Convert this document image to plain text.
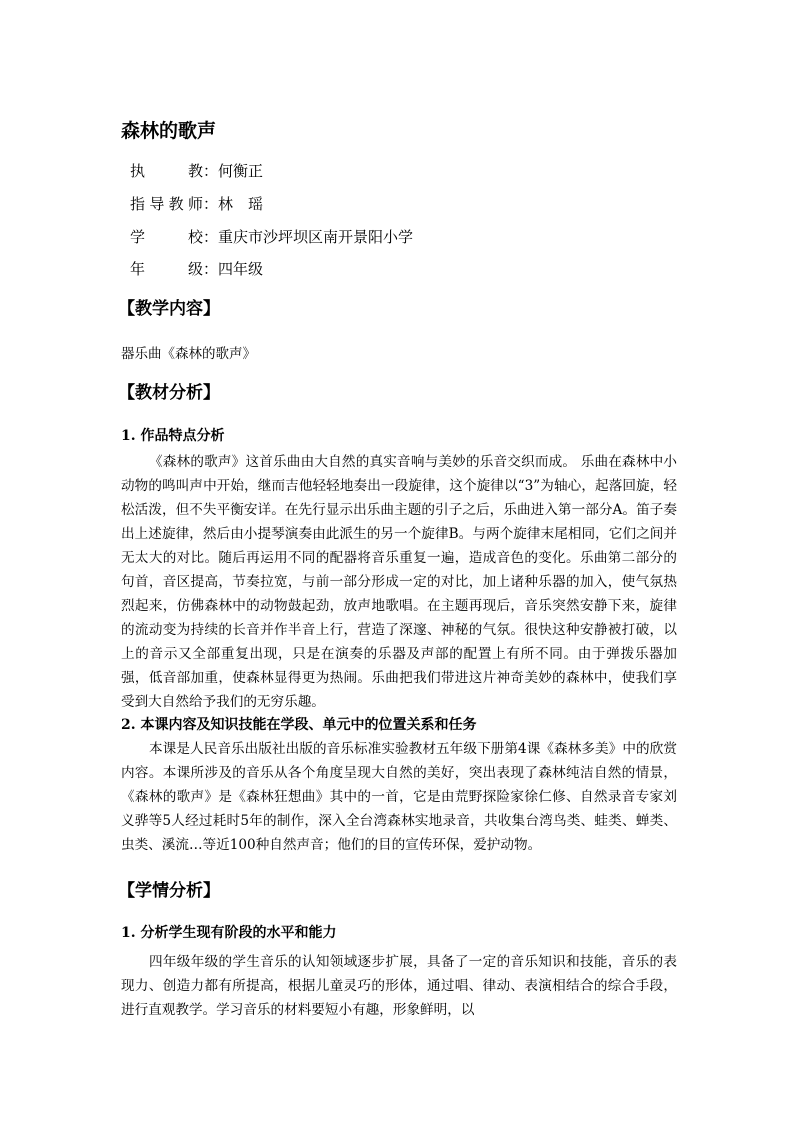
森林的歌声
执　教：何衡正
指导教师：林　瑶
学　校：重庆市沙坪坝区南开景阳小学
年　级：四年级
【教学内容】
器乐曲《森林的歌声》
【教材分析】
1. 作品特点分析

《森林的歌声》这首乐曲由大自然的真实音响与美妙的乐音交织而成。 乐曲在森林中小动物的鸣叫声中开始，继而吉他轻轻地奏出一段旋律，这个旋律以“3”为轴心，起落回旋，轻松活泼，但不失平衡安详。在先行显示出乐曲主题的引子之后，乐曲进入第一部分A。笛子奏出上述旋律，然后由小提琴演奏由此派生的另一个旋律B。与两个旋律末尾相同，它们之间并无太大的对比。随后再运用不同的配器将音乐重复一遍，造成音色的变化。乐曲第二部分的句首，音区提高，节奏拉宽，与前一部分形成一定的对比，加上诸种乐器的加入，使气氛热烈起来，仿佛森林中的动物鼓起劲，放声地歌唱。在主题再现后，音乐突然安静下来，旋律的流动变为持续的长音并作半音上行，营造了深邃、神秘的气氛。很快这种安静被打破，以上的音示又全部重复出现，只是在演奏的乐器及声部的配置上有所不同。由于弹拨乐器加强，低音部加重，使森林显得更为热闹。乐曲把我们带进这片神奇美妙的森林中，使我们享受到大自然给予我们的无穷乐趣。

2. 本课内容及知识技能在学段、单元中的位置关系和任务

本课是人民音乐出版社出版的音乐标准实验教材五年级下册第4课《森林多美》中的欣赏内容。本课所涉及的音乐从各个角度呈现大自然的美好，突出表现了森林纯洁自然的情景，《森林的歌声》是《森林狂想曲》其中的一首，它是由荒野探险家徐仁修、自然录音专家刘义骅等5人经过耗时5年的制作，深入全台湾森林实地录音，共收集台湾鸟类、蛙类、蝉类、虫类、溪流…等近100种自然声音；他们的目的宣传环保，爱护动物。

【学情分析】
1. 分析学生现有阶段的水平和能力

四年级年级的学生音乐的认知领域逐步扩展，具备了一定的音乐知识和技能，音乐的表现力、创造力都有所提高，根据儿童灵巧的形体，通过唱、律动、表演相结合的综合手段，进行直观教学。学习音乐的材料要短小有趣，形象鲜明，以
